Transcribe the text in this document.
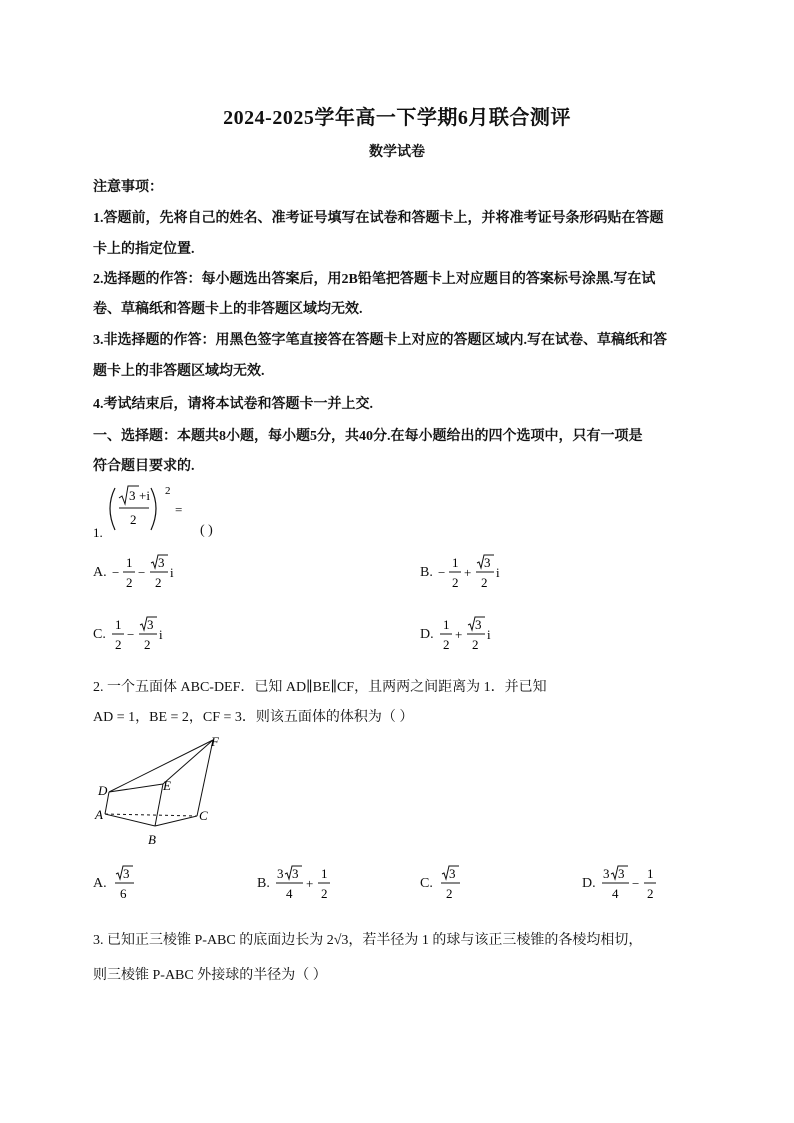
2024-2025学年高一下学期6月联合测评
数学试卷
注意事项：
1.答题前，先将自己的姓名、准考证号填写在试卷和答题卡上，并将准考证号条形码贴在答题
卡上的指定位置.
2.选择题的作答：每小题选出答案后，用2B铅笔把答题卡上对应题目的答案标号涂黑.写在试
卷、草稿纸和答题卡上的非答题区域均无效.
3.非选择题的作答：用黑色签字笔直接答在答题卡上对应的答题区域内.写在试卷、草稿纸和答
题卡上的非答题区域均无效.
4.考试结束后，请将本试卷和答题卡一并上交.
一、选择题：本题共8小题，每小题5分，共40分.在每小题给出的四个选项中，只有一项是
符合题目要求的.
1.
2
=
3 +i
2
( )
A. −
1
2
−
3
2
i	B. −
1
2
+
3
2
i
C.
1
2
−
3
2
i	D.
1
2
+
3
2
i
2. 一个五面体 ABC-DEF．已知 AD∥BE∥CF，且两两之间距离为 1．并已知
AD = 1，BE = 2，CF = 3．则该五面体的体积为（ ）
D
A
E
B
C
F
A.
3
6
B.
3 3
4
+
1
2
C.
3
2
D.
3 3
4
−
1
2
3. 已知正三棱锥 P-ABC 的底面边长为 2√3，若半径为 1 的球与该正三棱锥的各棱均相切，
则三棱锥 P-ABC 外接球的半径为（ ）
